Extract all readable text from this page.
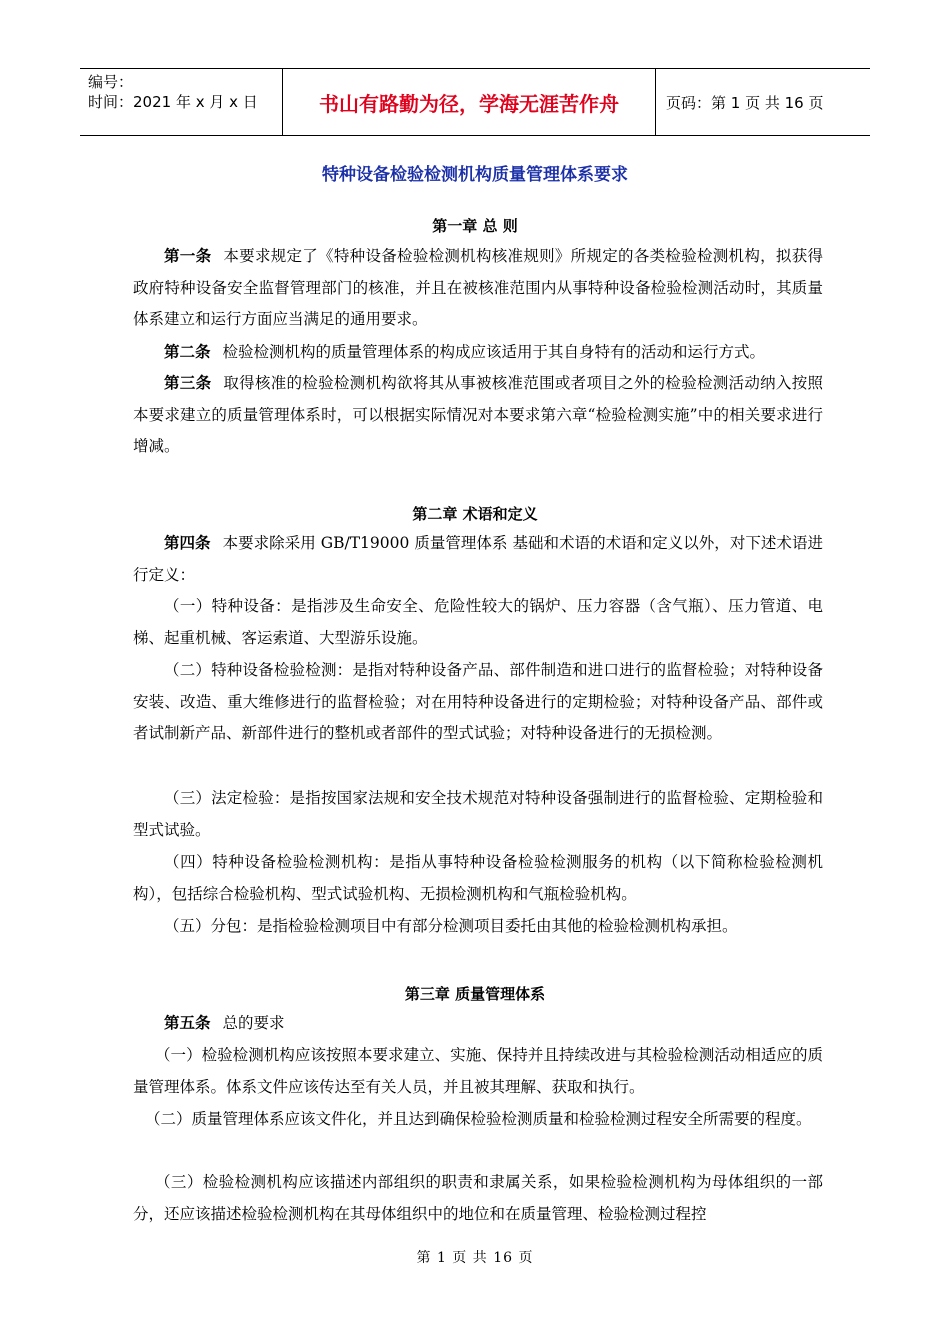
编号：
时间：2021 年 x 月 x 日	书山有路勤为径，学海无涯苦作舟	页码：第 1 页 共 16 页
特种设备检验检测机构质量管理体系要求
第一章 总 则
第一条 本要求规定了《特种设备检验检测机构核准规则》所规定的各类检验检测机构，拟获得政府特种设备安全监督管理部门的核准，并且在被核准范围内从事特种设备检验检测活动时，其质量体系建立和运行方面应当满足的通用要求。
第二条 检验检测机构的质量管理体系的构成应该适用于其自身特有的活动和运行方式。
第三条 取得核准的检验检测机构欲将其从事被核准范围或者项目之外的检验检测活动纳入按照本要求建立的质量管理体系时，可以根据实际情况对本要求第六章“检验检测实施”中的相关要求进行增减。
第二章 术语和定义
第四条 本要求除采用 GB/T19000 质量管理体系 基础和术语的术语和定义以外，对下述术语进行定义：
（一）特种设备：是指涉及生命安全、危险性较大的锅炉、压力容器（含气瓶）、压力管道、电梯、起重机械、客运索道、大型游乐设施。
（二）特种设备检验检测：是指对特种设备产品、部件制造和进口进行的监督检验；对特种设备安装、改造、重大维修进行的监督检验；对在用特种设备进行的定期检验；对特种设备产品、部件或者试制新产品、新部件进行的整机或者部件的型式试验；对特种设备进行的无损检测。
（三）法定检验：是指按国家法规和安全技术规范对特种设备强制进行的监督检验、定期检验和型式试验。
（四）特种设备检验检测机构：是指从事特种设备检验检测服务的机构（以下简称检验检测机构），包括综合检验机构、型式试验机构、无损检测机构和气瓶检验机构。
（五）分包：是指检验检测项目中有部分检测项目委托由其他的检验检测机构承担。
第三章 质量管理体系
第五条 总的要求
（一）检验检测机构应该按照本要求建立、实施、保持并且持续改进与其检验检测活动相适应的质量管理体系。体系文件应该传达至有关人员，并且被其理解、获取和执行。
（二）质量管理体系应该文件化，并且达到确保检验检测质量和检验检测过程安全所需要的程度。
（三）检验检测机构应该描述内部组织的职责和隶属关系，如果检验检测机构为母体组织的一部分，还应该描述检验检测机构在其母体组织中的地位和在质量管理、检验检测过程控
第 1 页 共 16 页
